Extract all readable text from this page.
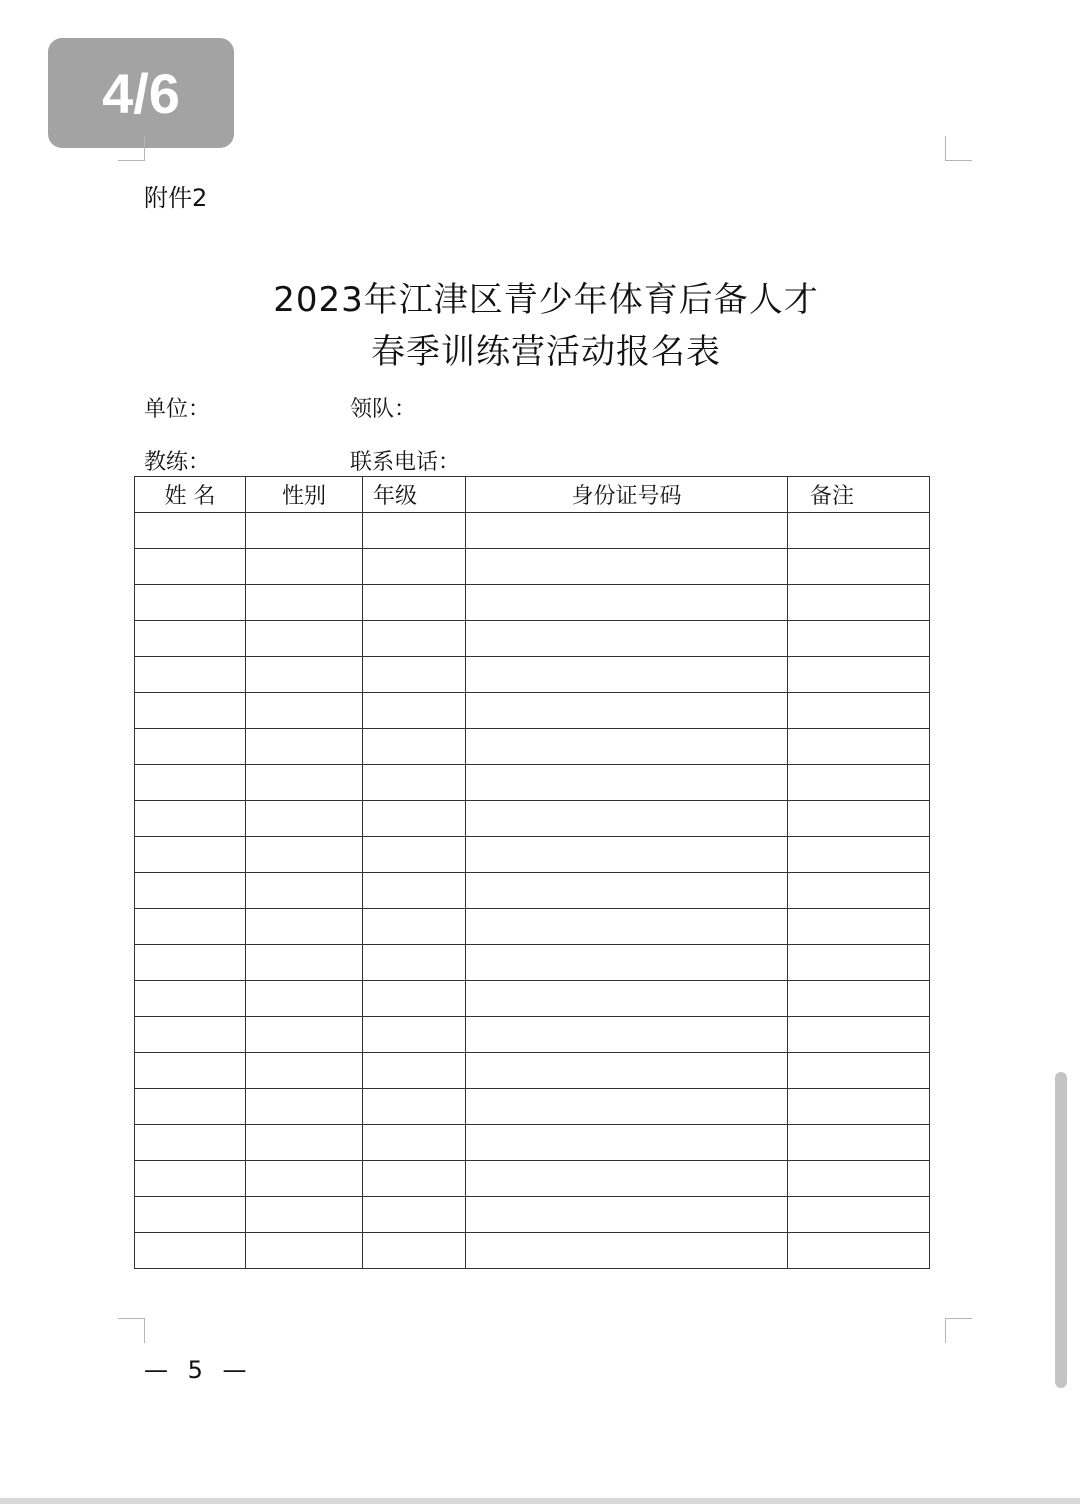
4/6
附件2
2023年江津区青少年体育后备人才
春季训练营活动报名表
单位：	领队：
教练：	联系电话：
姓 名	性别	年级	身份证号码	备注

— 5 —
